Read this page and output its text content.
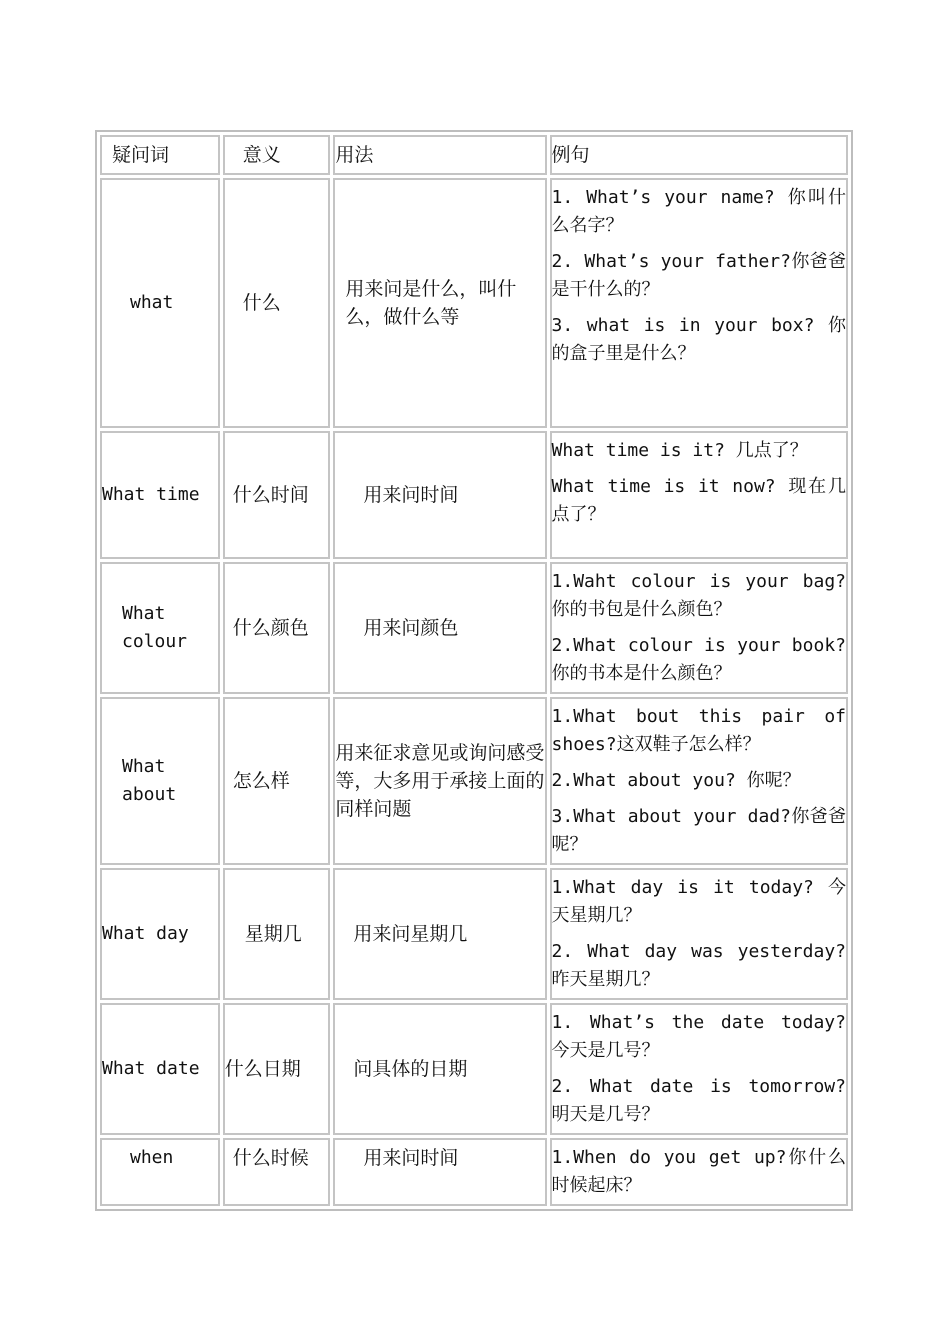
疑问词	意义	用法	例句
what	什么	用来问是什么，叫什么，做什么等	1. What’s your name? 你叫什么名字？

2. What’s your father?你爸爸是干什么的？

3. what is in your box? 你的盒子里是什么？

What time	什么时间	用来问时间	What time is it? 几点了？

What time is it now? 现在几点了？

What colour	什么颜色	用来问颜色	1.Waht colour is your bag? 你的书包是什么颜色？

2.What colour is your book?你的书本是什么颜色？

What about	怎么样	用来征求意见或询问感受等，大多用于承接上面的同样问题	1.What bout this pair of shoes?这双鞋子怎么样？

2.What about you? 你呢？

3.What about your dad?你爸爸呢？

What day	星期几	用来问星期几	1.What day is it today? 今天星期几？

2. What day was yesterday? 昨天星期几？

What date	什么日期	问具体的日期	1. What’s the date today? 今天是几号？

2. What date is tomorrow? 明天是几号？

when	什么时候	用来问时间	1.When do you get up?你什么时候起床？
